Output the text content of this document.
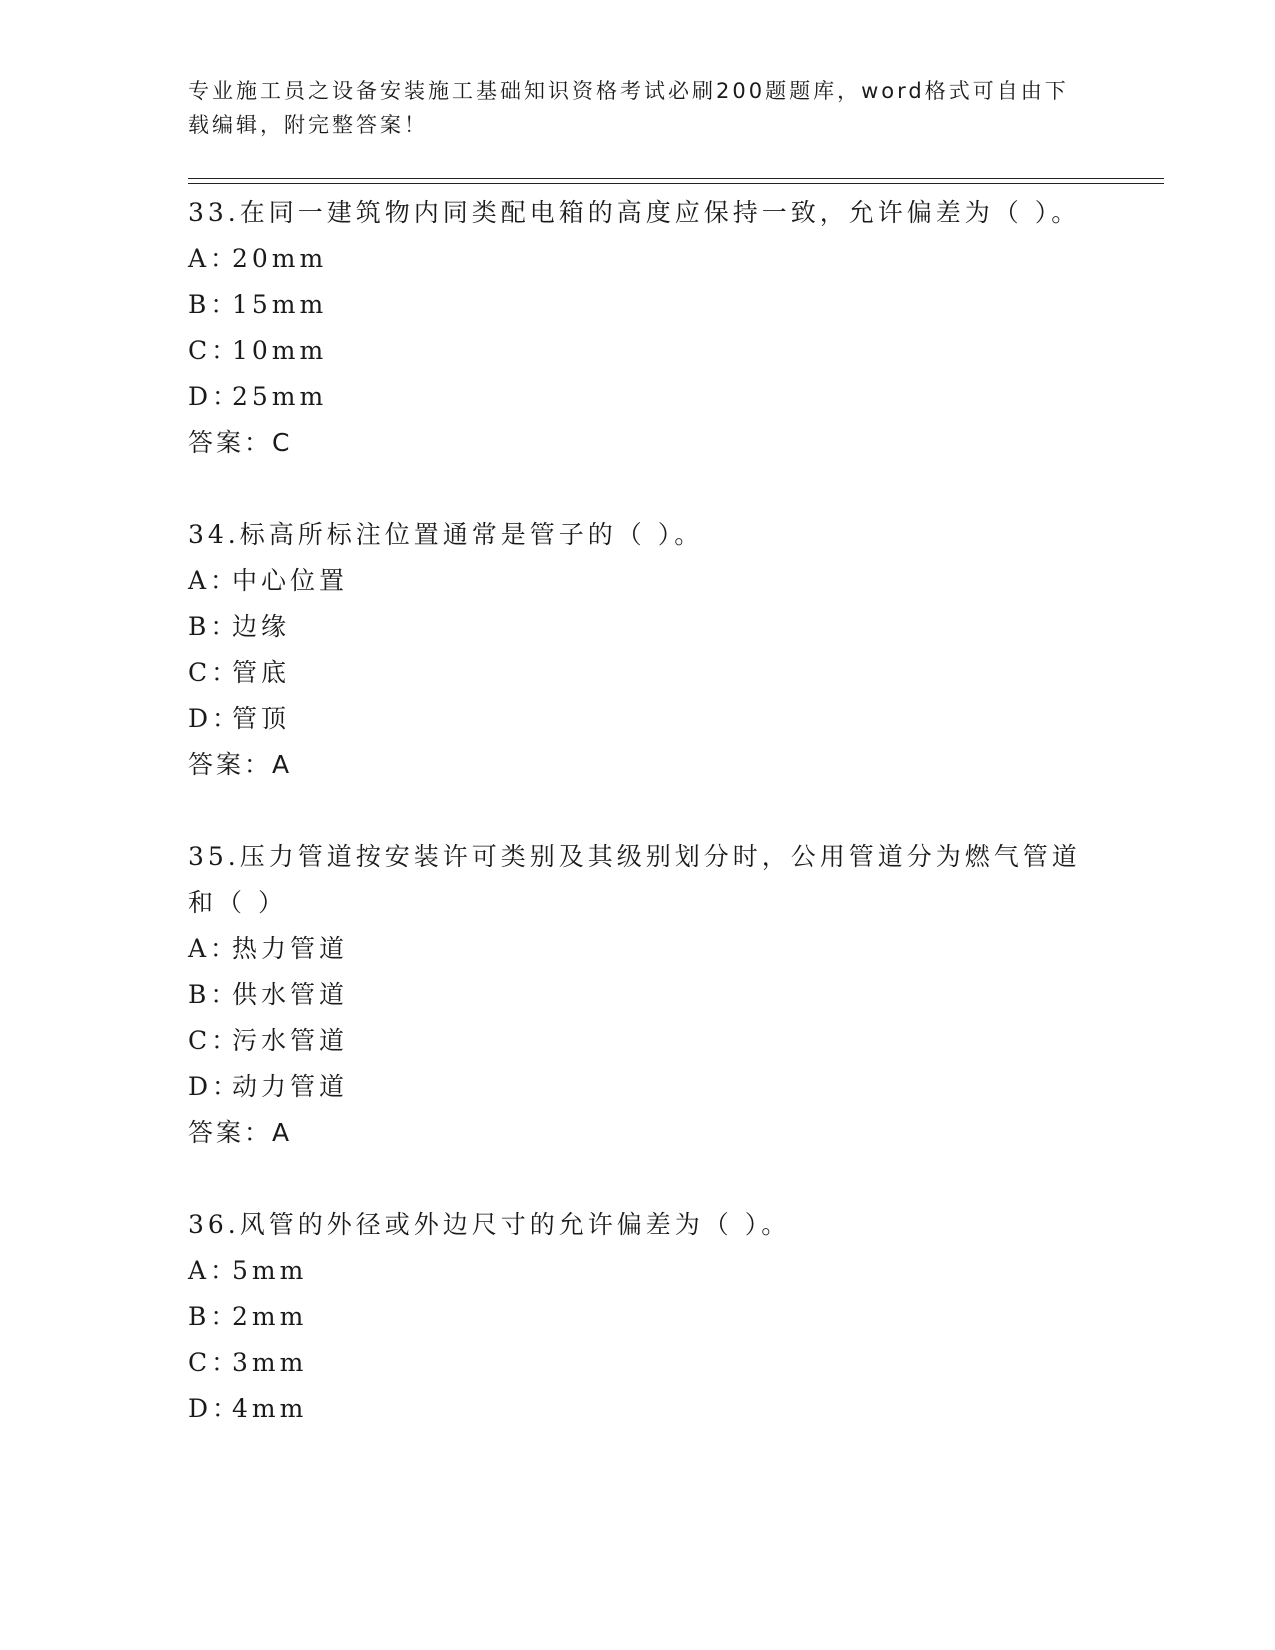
专业施工员之设备安装施工基础知识资格考试必刷200题题库，word格式可自由下载编辑，附完整答案！

33.在同一建筑物内同类配电箱的高度应保持一致，允许偏差为（ ）。

A：20mm

B：15mm

C：10mm

D：25mm

答案：C

34.标高所标注位置通常是管子的（ ）。

A：中心位置

B：边缘

C：管底

D：管顶

答案：A

35.压力管道按安装许可类别及其级别划分时，公用管道分为燃气管道和（ ）

A：热力管道

B：供水管道

C：污水管道

D：动力管道

答案：A

36.风管的外径或外边尺寸的允许偏差为（ ）。

A：5mm

B：2mm

C：3mm

D：4mm
